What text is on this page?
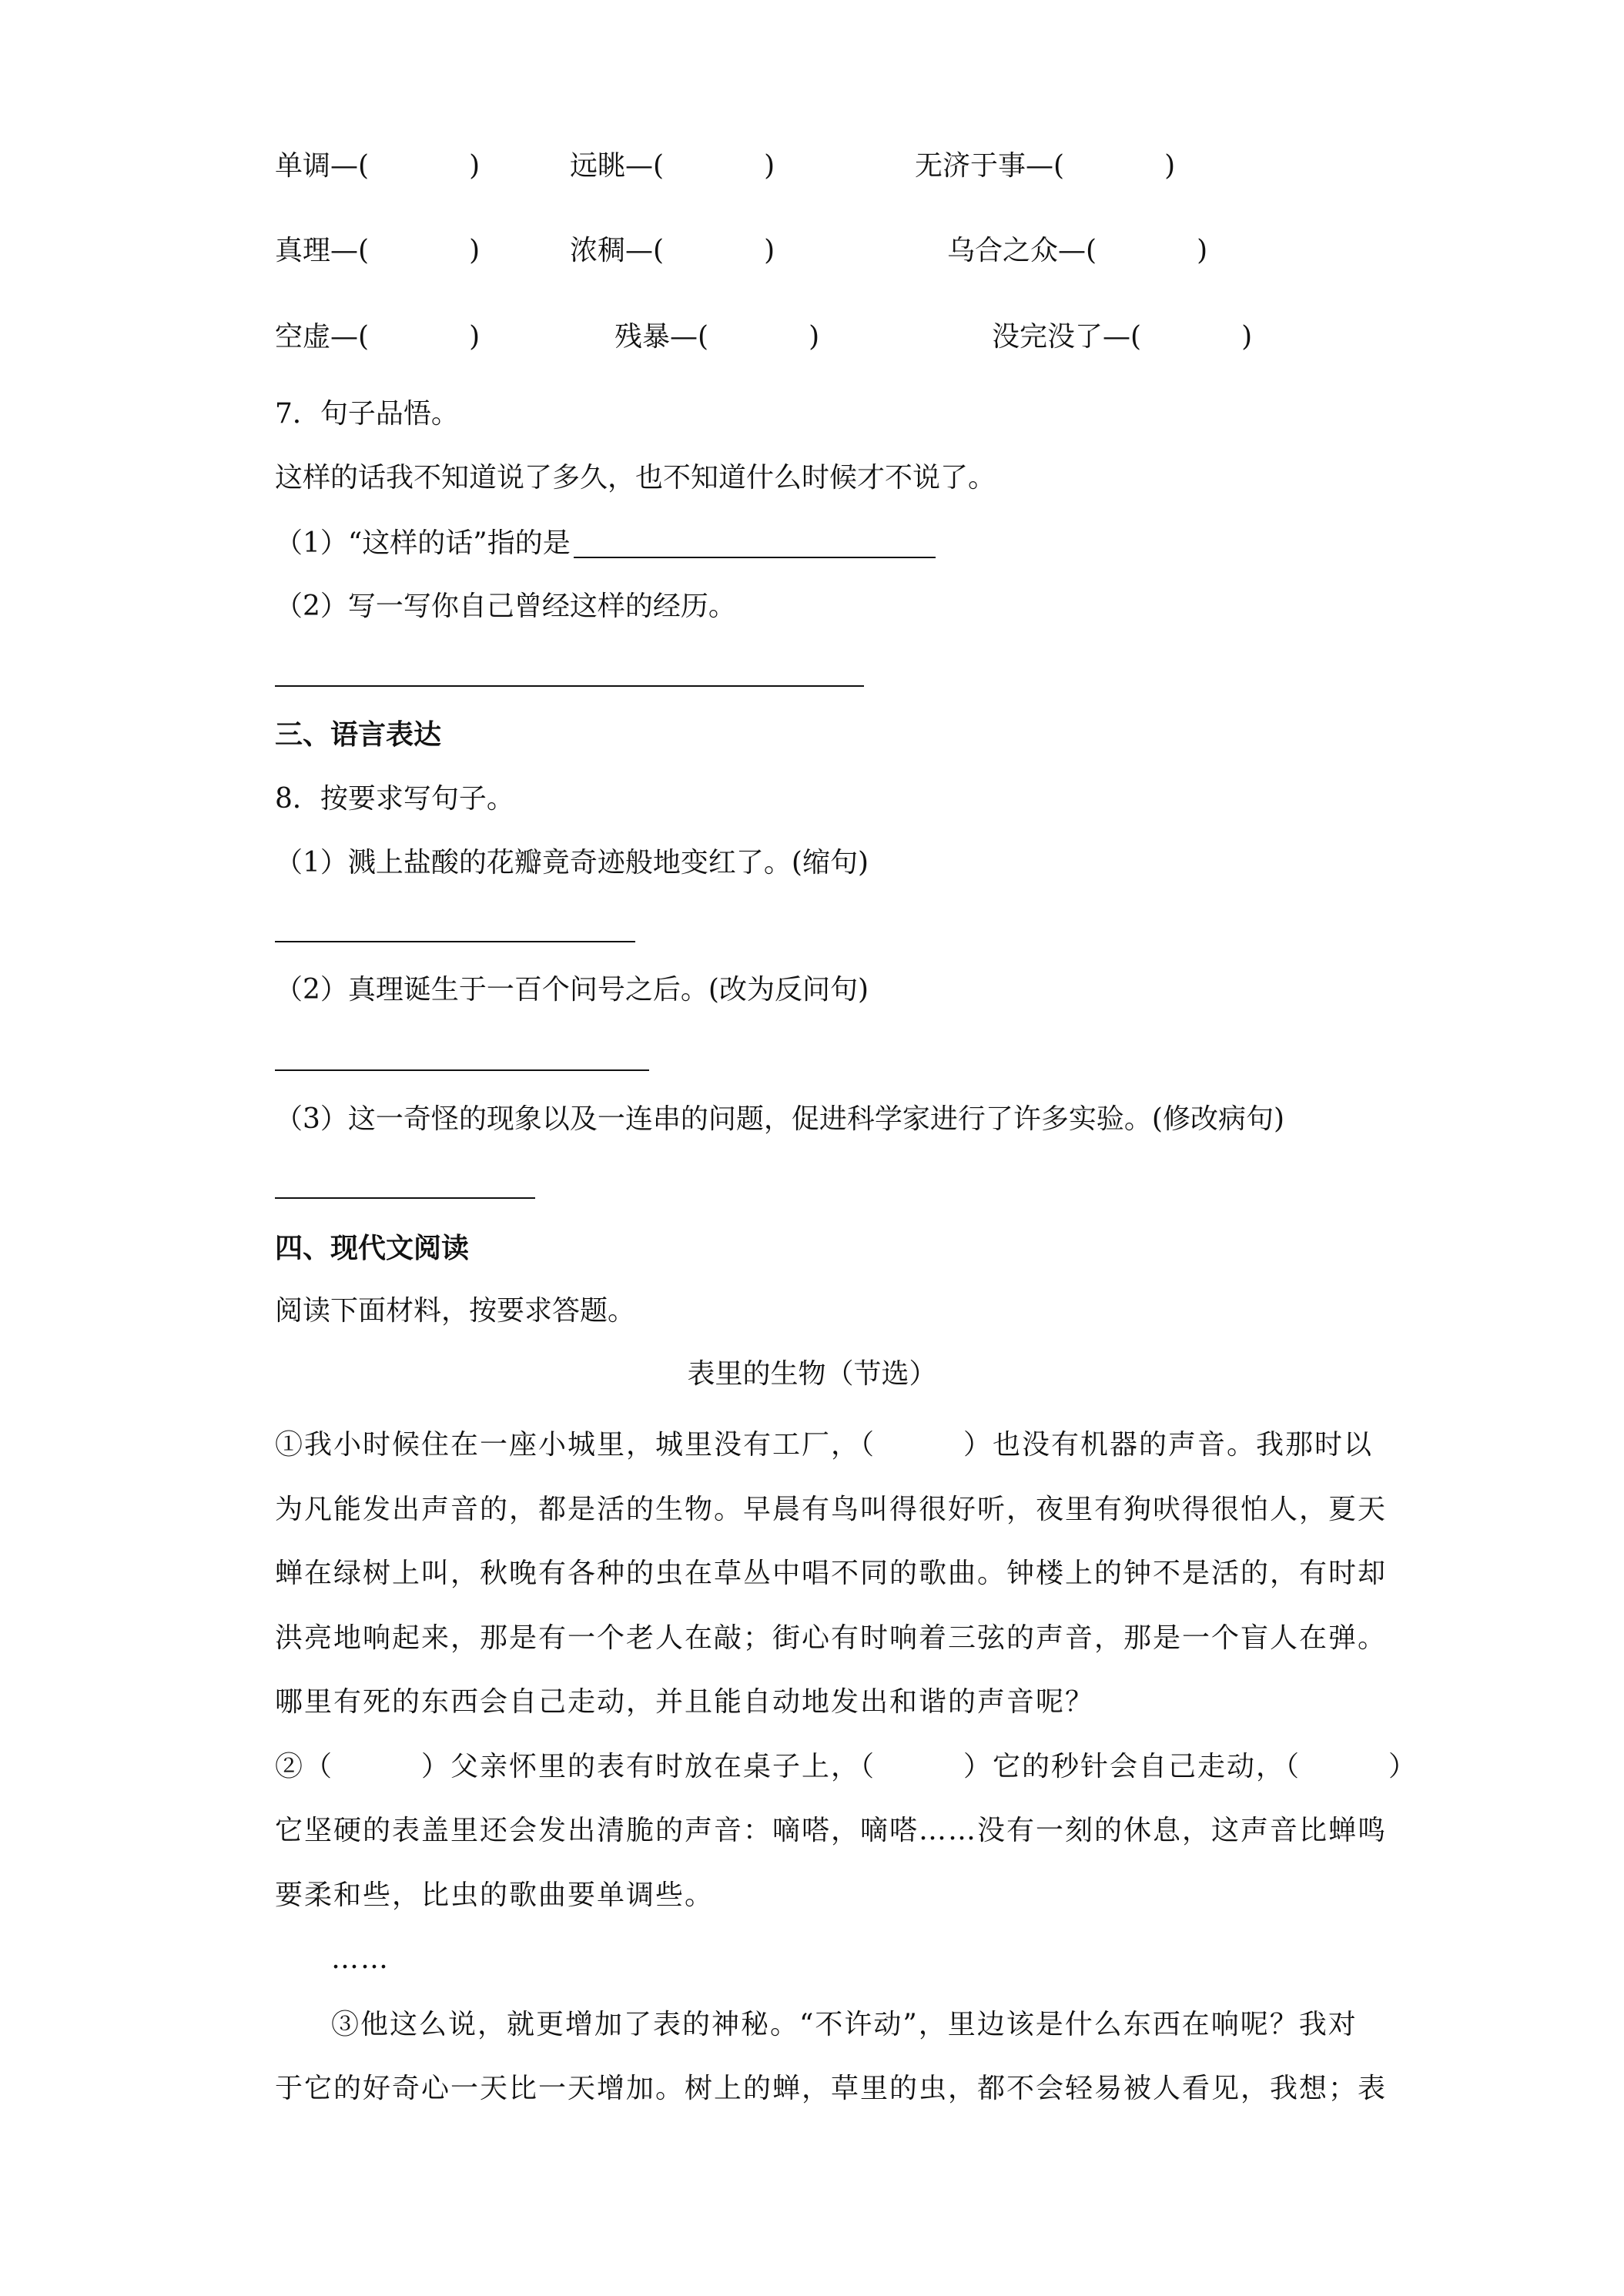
单调—(	)	远眺—(	)	无济于事—(	)
真理—(	)	浓稠—(	)	乌合之众—(	)
空虚—(	)	残暴—(	)	没完没了—(	)
7．句子品悟。
这样的话我不知道说了多久，也不知道什么时候才不说了。
（1）“这样的话”指的是
（2）写一写你自己曾经这样的经历。
三、语言表达
8．按要求写句子。
（1）溅上盐酸的花瓣竟奇迹般地变红了。(缩句)
（2）真理诞生于一百个问号之后。(改为反问句)
（3）这一奇怪的现象以及一连串的问题，促进科学家进行了许多实验。(修改病句)
四、现代文阅读
阅读下面材料，按要求答题。
表里的生物（节选）
①我小时候住在一座小城里，城里没有工厂，（　　　）也没有机器的声音。我那时以
为凡能发出声音的，都是活的生物。早晨有鸟叫得很好听，夜里有狗吠得很怕人，夏天
蝉在绿树上叫，秋晚有各种的虫在草丛中唱不同的歌曲。钟楼上的钟不是活的，有时却
洪亮地响起来，那是有一个老人在敲；街心有时响着三弦的声音，那是一个盲人在弹。
哪里有死的东西会自己走动，并且能自动地发出和谐的声音呢？
②（　　　）父亲怀里的表有时放在桌子上，（　　　）它的秒针会自己走动，（　　　）
它坚硬的表盖里还会发出清脆的声音：嘀嗒，嘀嗒……没有一刻的休息，这声音比蝉鸣
要柔和些，比虫的歌曲要单调些。
……
③他这么说，就更增加了表的神秘。“不许动”，里边该是什么东西在响呢？我对
于它的好奇心一天比一天增加。树上的蝉，草里的虫，都不会轻易被人看见，我想；表
